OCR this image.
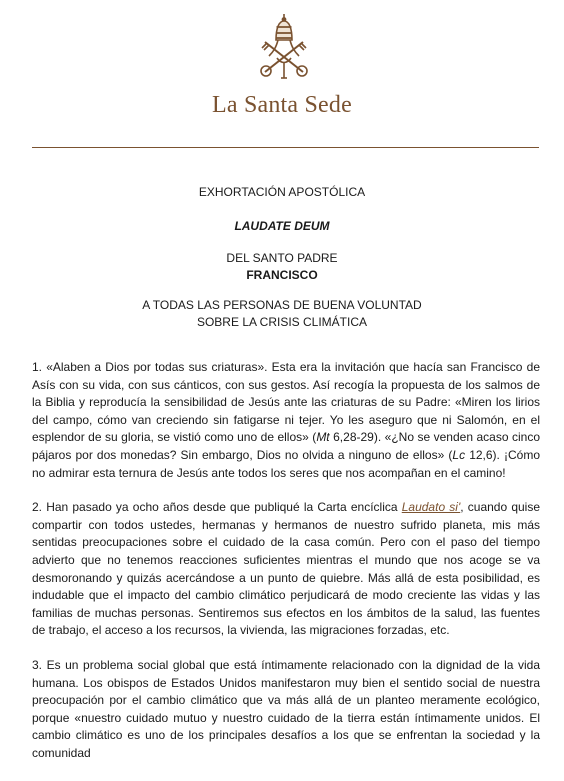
La Santa Sede
EXHORTACIÓN APOSTÓLICA
LAUDATE DEUM
DEL SANTO PADRE
FRANCISCO
A TODAS LAS PERSONAS DE BUENA VOLUNTAD
SOBRE LA CRISIS CLIMÁTICA

1. «Alaben a Dios por todas sus criaturas». Esta era la invitación que hacía san Francisco de Asís con su vida, con sus cánticos, con sus gestos. Así recogía la propuesta de los salmos de la Biblia y reproducía la sensibilidad de Jesús ante las criaturas de su Padre: «Miren los lirios del campo, cómo van creciendo sin fatigarse ni tejer. Yo les aseguro que ni Salomón, en el esplendor de su gloria, se vistió como uno de ellos» (Mt 6,28-29). «¿No se venden acaso cinco pájaros por dos monedas? Sin embargo, Dios no olvida a ninguno de ellos» (Lc 12,6). ¡Cómo no admirar esta ternura de Jesús ante todos los seres que nos acompañan en el camino!

2. Han pasado ya ocho años desde que publiqué la Carta encíclica Laudato si', cuando quise compartir con todos ustedes, hermanas y hermanos de nuestro sufrido planeta, mis más sentidas preocupaciones sobre el cuidado de la casa común. Pero con el paso del tiempo advierto que no tenemos reacciones suficientes mientras el mundo que nos acoge se va desmoronando y quizás acercándose a un punto de quiebre. Más allá de esta posibilidad, es indudable que el impacto del cambio climático perjudicará de modo creciente las vidas y las familias de muchas personas. Sentiremos sus efectos en los ámbitos de la salud, las fuentes de trabajo, el acceso a los recursos, la vivienda, las migraciones forzadas, etc.

3. Es un problema social global que está íntimamente relacionado con la dignidad de la vida humana. Los obispos de Estados Unidos manifestaron muy bien el sentido social de nuestra preocupación por el cambio climático que va más allá de un planteo meramente ecológico, porque «nuestro cuidado mutuo y nuestro cuidado de la tierra están íntimamente unidos. El cambio climático es uno de los principales desafíos a los que se enfrentan la sociedad y la comunidad
